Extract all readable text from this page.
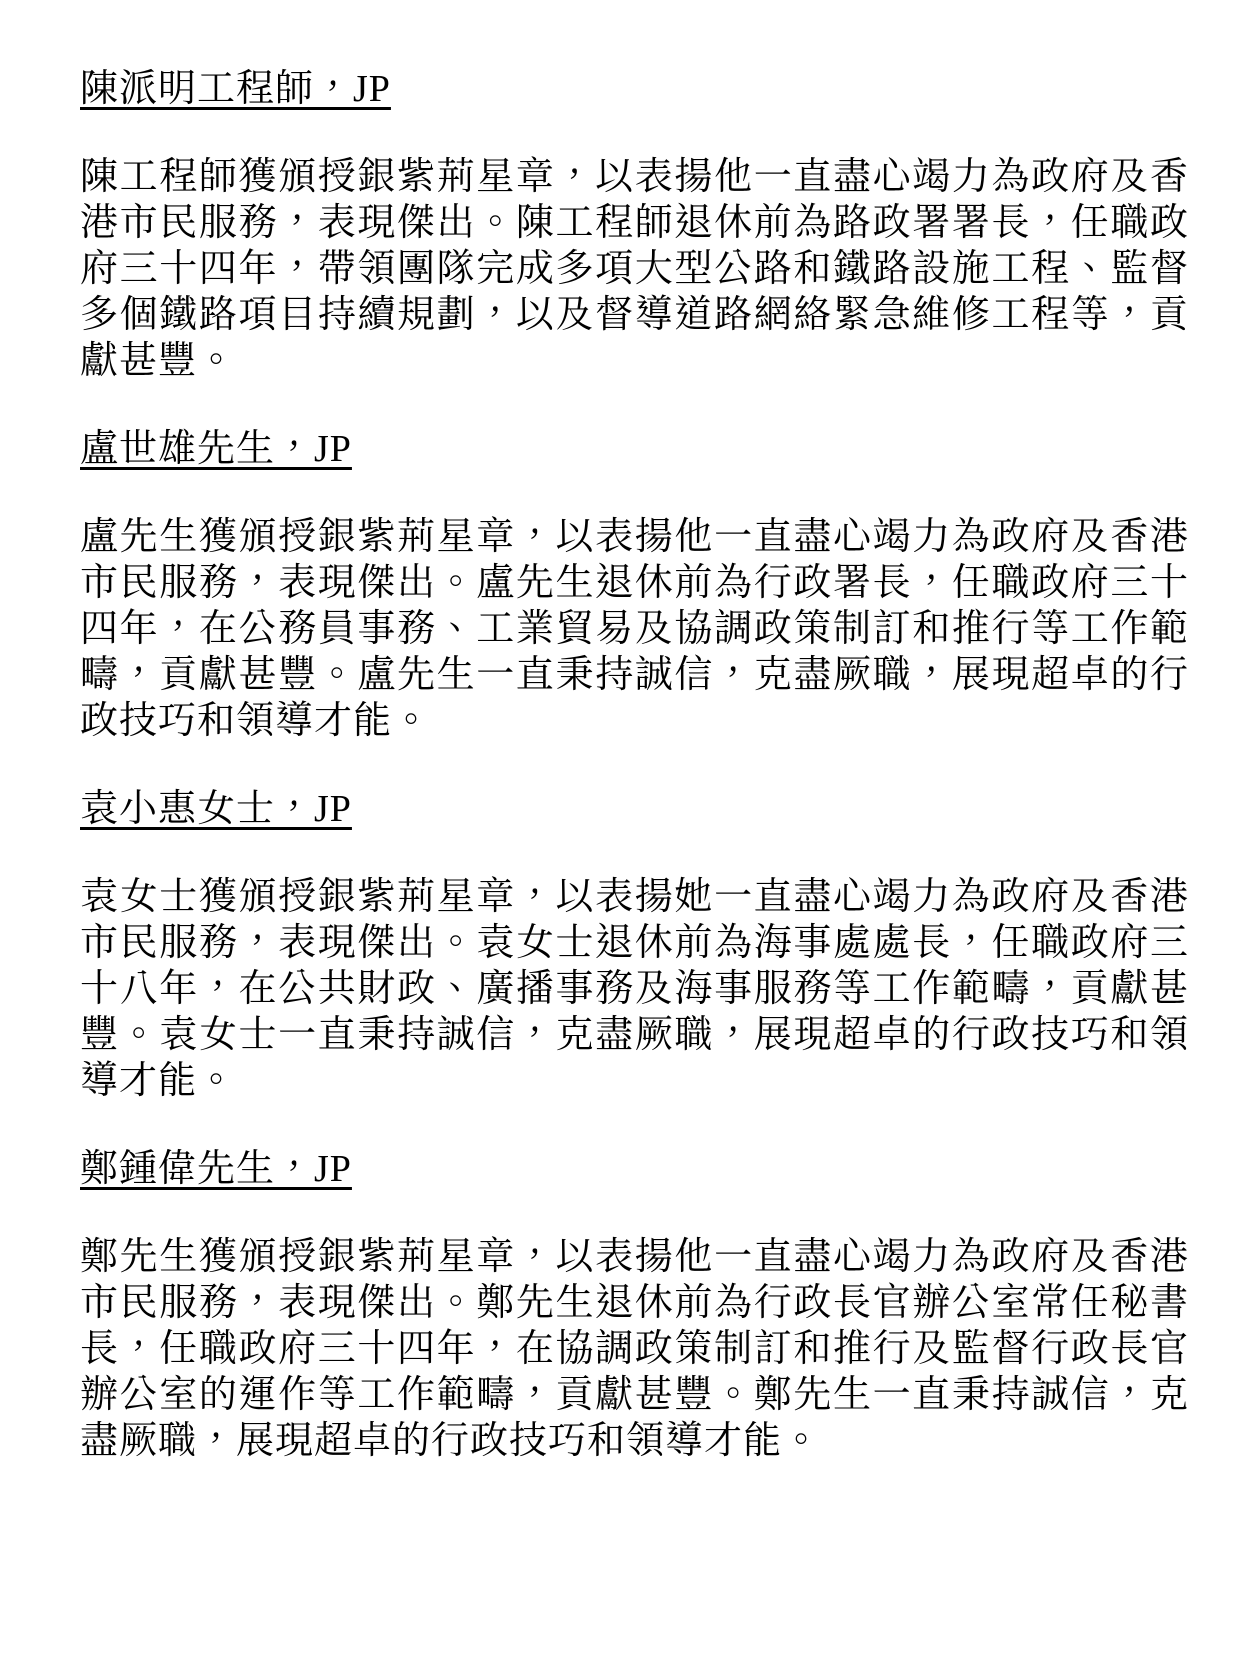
陳派明工程師，JP

陳工程師獲頒授銀紫荊星章，以表揚他一直盡心竭力為政府及香港市民服務，表現傑出。陳工程師退休前為路政署署長，任職政府三十四年，帶領團隊完成多項大型公路和鐵路設施工程、監督多個鐵路項目持續規劃，以及督導道路網絡緊急維修工程等，貢獻甚豐。

盧世雄先生，JP

盧先生獲頒授銀紫荊星章，以表揚他一直盡心竭力為政府及香港市民服務，表現傑出。盧先生退休前為行政署長，任職政府三十四年，在公務員事務、工業貿易及協調政策制訂和推行等工作範疇，貢獻甚豐。盧先生一直秉持誠信，克盡厥職，展現超卓的行政技巧和領導才能。

袁小惠女士，JP

袁女士獲頒授銀紫荊星章，以表揚她一直盡心竭力為政府及香港市民服務，表現傑出。袁女士退休前為海事處處長，任職政府三十八年，在公共財政、廣播事務及海事服務等工作範疇，貢獻甚豐。袁女士一直秉持誠信，克盡厥職，展現超卓的行政技巧和領導才能。

鄭鍾偉先生，JP

鄭先生獲頒授銀紫荊星章，以表揚他一直盡心竭力為政府及香港市民服務，表現傑出。鄭先生退休前為行政長官辦公室常任秘書長，任職政府三十四年，在協調政策制訂和推行及監督行政長官辦公室的運作等工作範疇，貢獻甚豐。鄭先生一直秉持誠信，克盡厥職，展現超卓的行政技巧和領導才能。
